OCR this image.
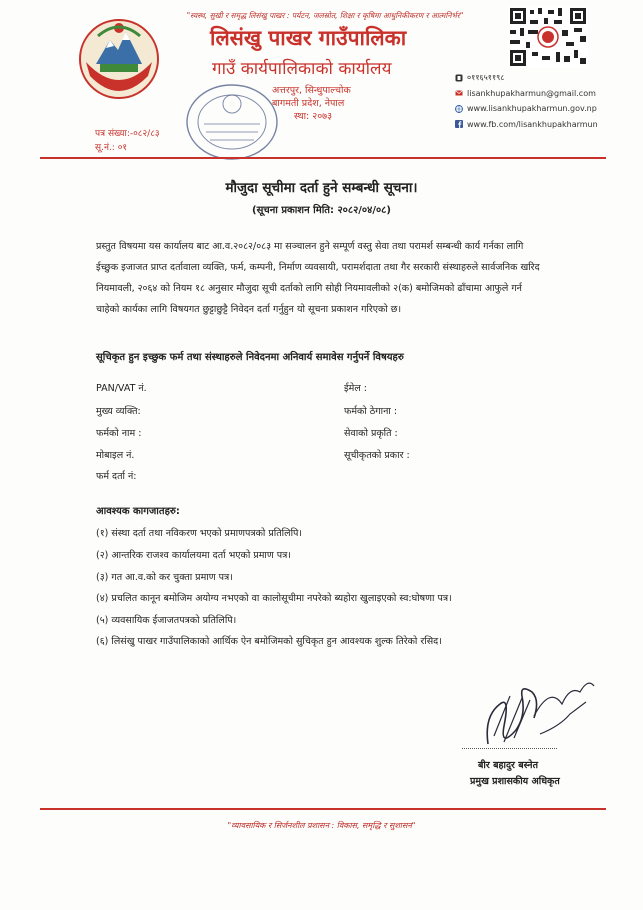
"स्वस्थ, सुखी र समृद्ध लिसंखु पाखर : पर्यटन, जलस्रोत, शिक्षा र कृषिमा आधुनिकीकरण र आत्मनिर्भर"
लिसंखु पाखर गाउँपालिका
गाउँ कार्यपालिकाको कार्यालय
अत्तरपुर, सिन्धुपाल्चोक
बागमती प्रदेश, नेपाल
स्था: २०७३
०११६५११९८
lisankhupakharmun@gmail.com
www.lisankhupakharmun.gov.np
www.fb.com/lisankhupakharmun
पत्र संख्या:-०८२/८३
सू.नं.: ०१
मौजुदा सूचीमा दर्ता हुने सम्बन्धी सूचना।
(सूचना प्रकाशन मिति: २०८२/०४/०८)
प्रस्तुत विषयमा यस कार्यालय बाट आ.व.२०८२/०८३ मा सञ्चालन हुने सम्पूर्ण वस्तु सेवा तथा परामर्श सम्बन्धी कार्य गर्नका लागि ईच्छुक इजाजत प्राप्त दर्तावाला व्यक्ति, फर्म, कम्पनी, निर्माण व्यवसायी, परामर्शदाता तथा गैर सरकारी संस्थाहरुले सार्वजनिक खरिद नियमावली, २०६४ को नियम १८ अनुसार मौजुदा सूची दर्ताको लागि सोही नियमावलीको २(क) बमोजिमको ढाँचामा आफुले गर्न चाहेको कार्यका लागि विषयगत छुट्टाछुट्टै निवेदन दर्ता गर्नुहुन यो सूचना प्रकाशन गरिएको छ।
सूचिकृत हुन इच्छुक फर्म तथा संस्थाहरुले निवेदनमा अनिवार्य समावेस गर्नुपर्ने विषयहरु
PAN/VAT नं.
मुख्य व्यक्ति:
फर्मको नाम :
मोबाइल नं.
फर्म दर्ता नं:
ईमेल :
फर्मको ठेगाना :
सेवाको प्रकृति :
सूचीकृतको प्रकार :
आवश्यक कागजातहरु:
(१) संस्था दर्ता तथा नविकरण भएको प्रमाणपत्रको प्रतिलिपि।
(२) आन्तरिक राजश्व कार्यालयमा दर्ता भएको प्रमाण पत्र।
(३) गत आ.व.को कर चुक्ता प्रमाण पत्र।
(४) प्रचलित कानून बमोजिम अयोग्य नभएको वा कालोसूचीमा नपरेको ब्यहोरा खुलाइएको स्व:घोषणा पत्र।
(५) व्यवसायिक ईजाजतपत्रको प्रतिलिपि।
(६) लिसंखु पाखर गाउँपालिकाको आर्थिक ऐन बमोजिमको सुचिकृत हुन आवश्यक शुल्क तिरेको रसिद।
बीर बहादुर बस्नेत
प्रमुख प्रशासकीय अधिकृत
"व्यावसायिक र सिर्जनशील प्रशासन : विकास, समृद्धि र सुशासन"
